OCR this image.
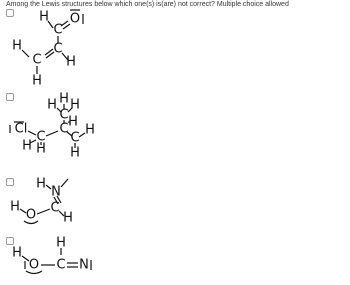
Among the Lewis structures below which one(s) is(are) not correct? Multiple choice allowed
H
C
O
H C
H
C
H
H
H H
C H
C
C
H
H
Cl
C
H H
H
N
H
O C
H
H
H
O C N
